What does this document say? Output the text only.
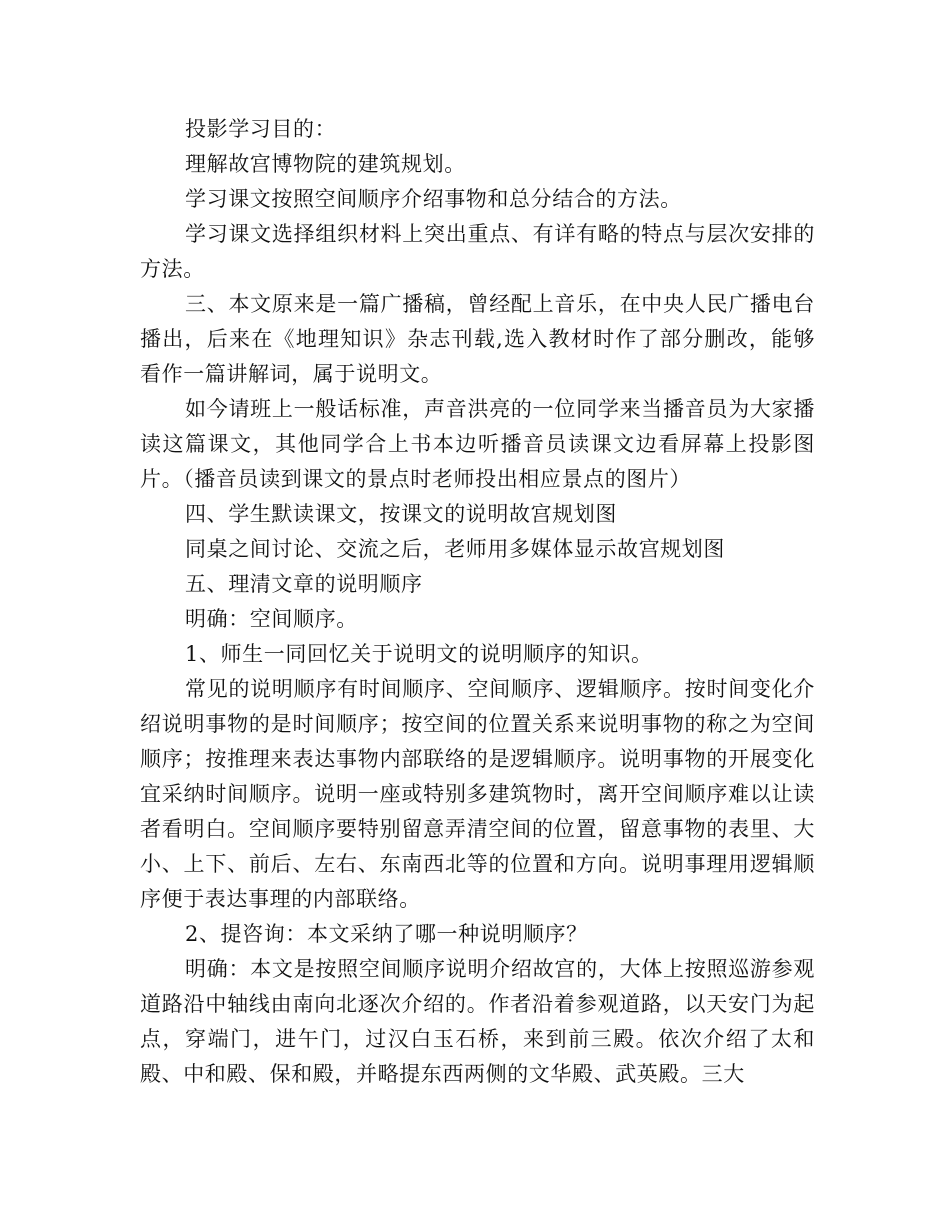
投影学习目的：

理解故宫博物院的建筑规划。

学习课文按照空间顺序介绍事物和总分结合的方法。

学习课文选择组织材料上突出重点、有详有略的特点与层次安排的方法。

三、本文原来是一篇广播稿，曾经配上音乐，在中央人民广播电台播出，后来在《地理知识》杂志刊载,选入教材时作了部分删改，能够看作一篇讲解词，属于说明文。

如今请班上一般话标准，声音洪亮的一位同学来当播音员为大家播读这篇课文，其他同学合上书本边听播音员读课文边看屏幕上投影图片。（播音员读到课文的景点时老师投出相应景点的图片）

四、学生默读课文，按课文的说明故宫规划图

同桌之间讨论、交流之后，老师用多媒体显示故宫规划图

五、理清文章的说明顺序

明确：空间顺序。

1、师生一同回忆关于说明文的说明顺序的知识。

常见的说明顺序有时间顺序、空间顺序、逻辑顺序。按时间变化介绍说明事物的是时间顺序；按空间的位置关系来说明事物的称之为空间顺序；按推理来表达事物内部联络的是逻辑顺序。说明事物的开展变化宜采纳时间顺序。说明一座或特别多建筑物时，离开空间顺序难以让读者看明白。空间顺序要特别留意弄清空间的位置，留意事物的表里、大小、上下、前后、左右、东南西北等的位置和方向。说明事理用逻辑顺序便于表达事理的内部联络。

2、提咨询：本文采纳了哪一种说明顺序？

明确：本文是按照空间顺序说明介绍故宫的，大体上按照巡游参观道路沿中轴线由南向北逐次介绍的。作者沿着参观道路，以天安门为起点，穿端门，进午门，过汉白玉石桥，来到前三殿。依次介绍了太和殿、中和殿、保和殿，并略提东西两侧的文华殿、武英殿。三大
